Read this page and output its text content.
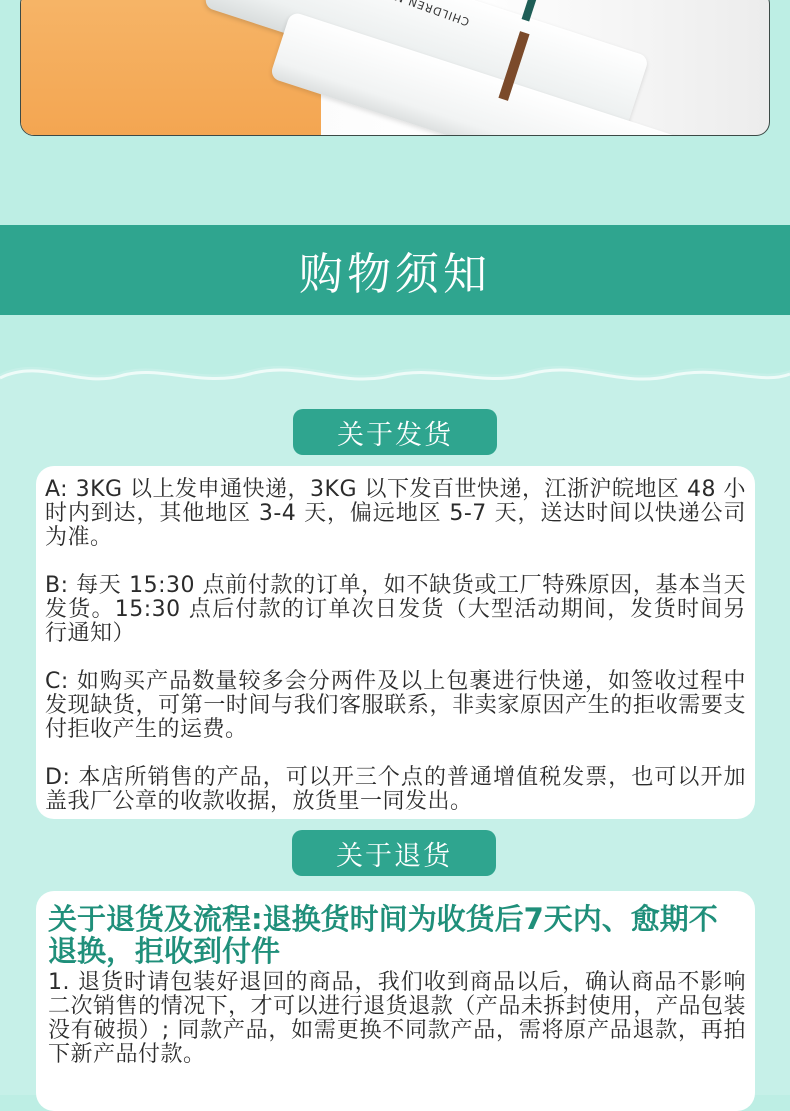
购物须知
关于发货

A: 3KG 以上发申通快递，3KG 以下发百世快递，江浙沪皖地区 48 小时内到达，其他地区 3-4 天，偏远地区 5-7 天，送达时间以快递公司为准。

B: 每天 15:30 点前付款的订单，如不缺货或工厂特殊原因，基本当天发货。15:30 点后付款的订单次日发货（大型活动期间，发货时间另行通知）

C: 如购买产品数量较多会分两件及以上包裹进行快递，如签收过程中发现缺货，可第一时间与我们客服联系，非卖家原因产生的拒收需要支付拒收产生的运费。

D: 本店所销售的产品，可以开三个点的普通增值税发票，也可以开加盖我厂公章的收款收据，放货里一同发出。

关于退货

关于退货及流程:退换货时间为收货后7天内、愈期不退换，拒收到付件

1. 退货时请包装好退回的商品，我们收到商品以后，确认商品不影响二次销售的情况下，才可以进行退货退款（产品未拆封使用，产品包装没有破损）; 同款产品，如需更换不同款产品，需将原产品退款，再拍下新产品付款。
